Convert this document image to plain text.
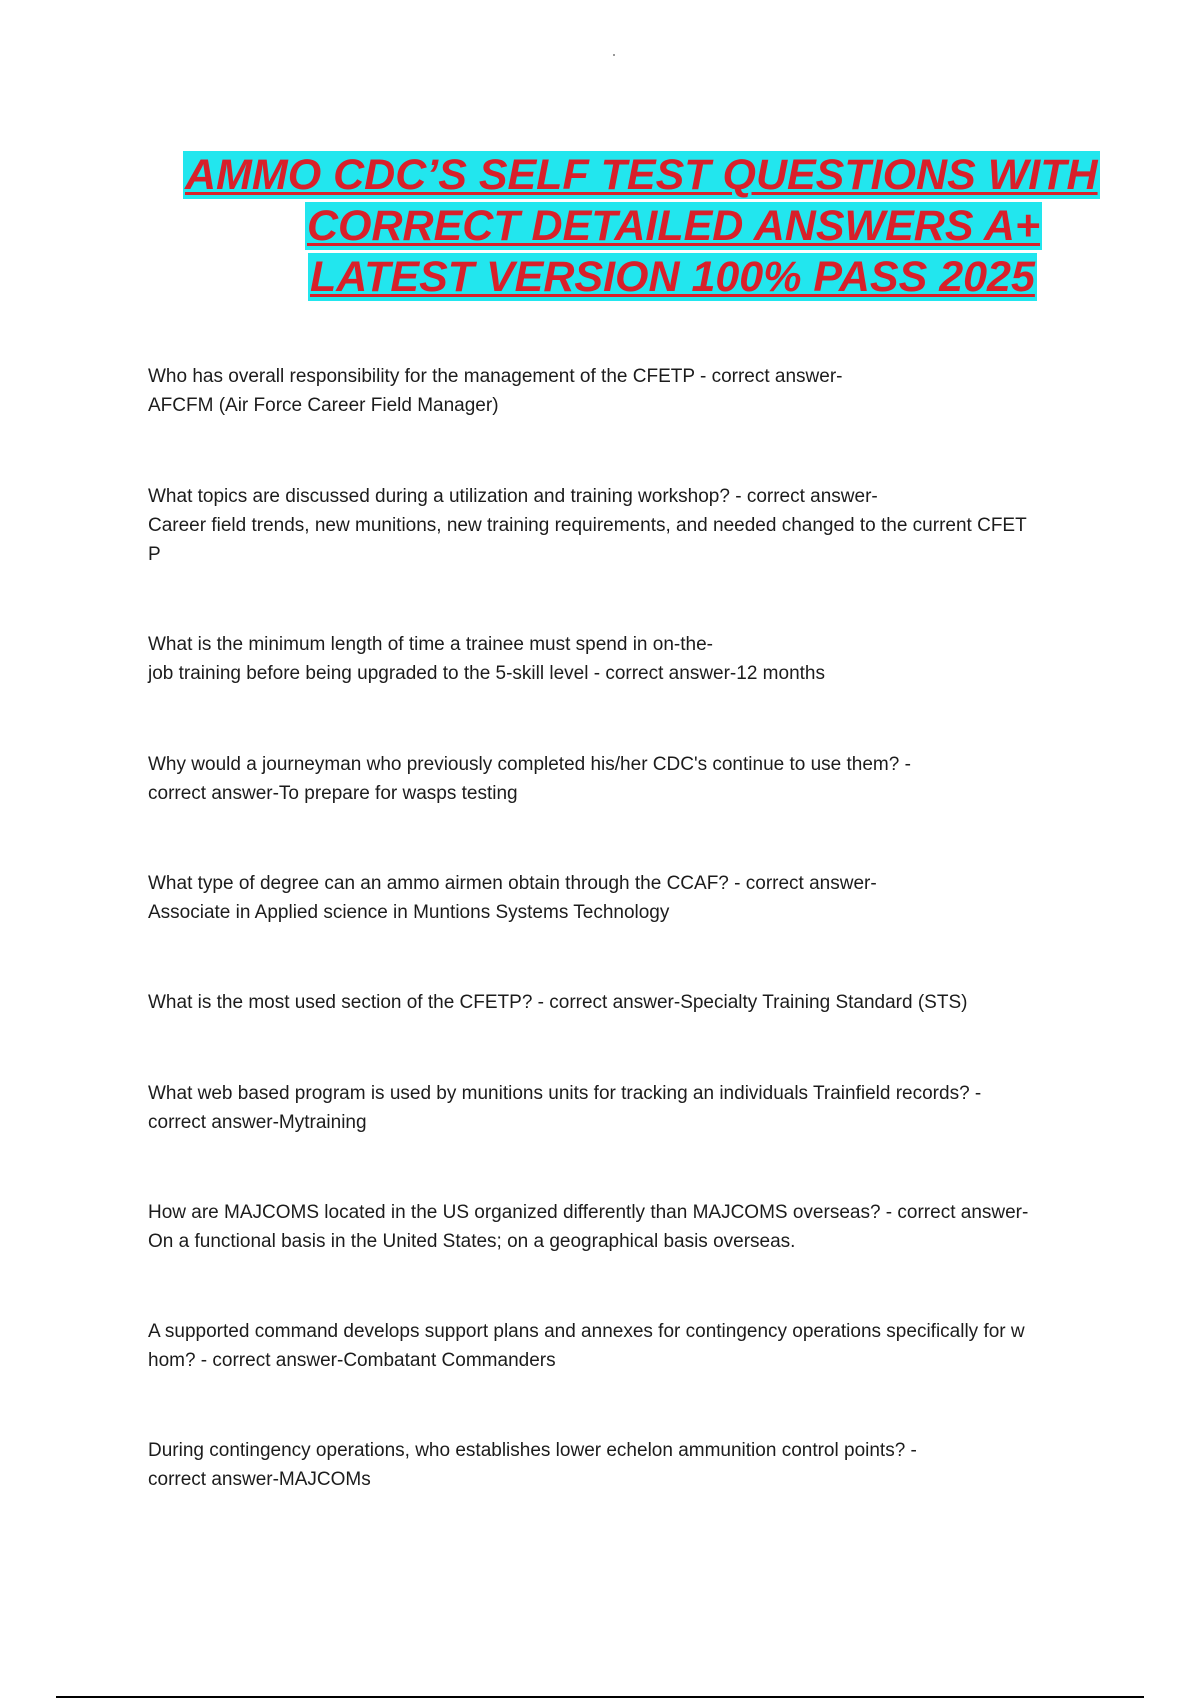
AMMO CDC’S SELF TEST QUESTIONS WITH
CORRECT DETAILED ANSWERS A+
LATEST VERSION 100% PASS 2025
Who has overall responsibility for the management of the CFETP - correct answer-
AFCFM (Air Force Career Field Manager)
What topics are discussed during a utilization and training workshop? - correct answer-
Career field trends, new munitions, new training requirements, and needed changed to the current CFET
P
What is the minimum length of time a trainee must spend in on-the-
job training before being upgraded to the 5-skill level - correct answer-12 months
Why would a journeyman who previously completed his/her CDC's continue to use them? -
correct answer-To prepare for wasps testing
What type of degree can an ammo airmen obtain through the CCAF? - correct answer-
Associate in Applied science in Muntions Systems Technology
What is the most used section of the CFETP? - correct answer-Specialty Training Standard (STS)
What web based program is used by munitions units for tracking an individuals Trainfield records? -
correct answer-Mytraining
How are MAJCOMS located in the US organized differently than MAJCOMS overseas? - correct answer-
On a functional basis in the United States; on a geographical basis overseas.
A supported command develops support plans and annexes for contingency operations specifically for w
hom? - correct answer-Combatant Commanders
During contingency operations, who establishes lower echelon ammunition control points? -
correct answer-MAJCOMs
